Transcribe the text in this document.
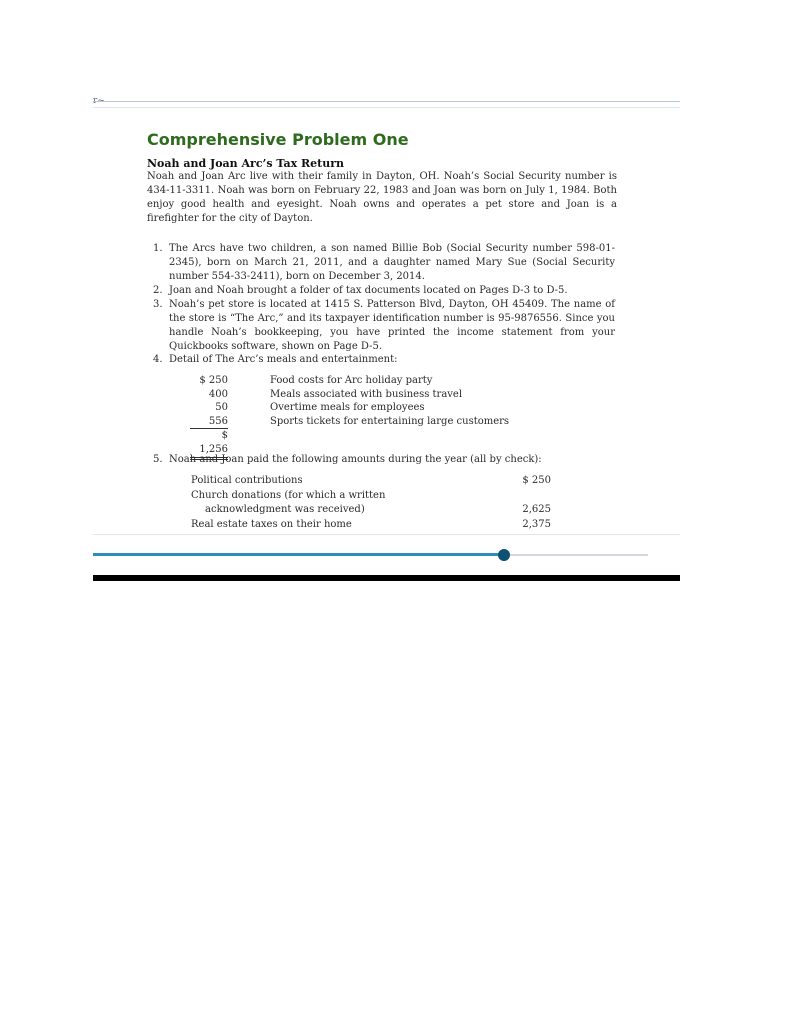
r~
Comprehensive Problem One
Noah and Joan Arc’s Tax Return

Noah and Joan Arc live with their family in Dayton, OH. Noah’s Social Security number is 434-11-3311. Noah was born on February 22, 1983 and Joan was born on July 1, 1984. Both enjoy good health and eyesight. Noah owns and operates a pet store and Joan is a firefighter for the city of Dayton.

1. The Arcs have two children, a son named Billie Bob (Social Security number 598-01-2345), born on March 21, 2011, and a daughter named Mary Sue (Social Security number 554-33-2411), born on December 3, 2014.
2. Joan and Noah brought a folder of tax documents located on Pages D-3 to D-5.
3. Noah’s pet store is located at 1415 S. Patterson Blvd, Dayton, OH 45409. The name of the store is “The Arc,” and its taxpayer identification number is 95-9876556. Since you handle Noah’s bookkeeping, you have printed the income statement from your Quickbooks software, shown on Page D-5.
4. Detail of The Arc’s meals and entertainment:
$ 250	Food costs for Arc holiday party
400	Meals associated with business travel
50	Overtime meals for employees
556	Sports tickets for entertaining large customers
$ 1,256
5. Noah and Joan paid the following amounts during the year (all by check):
Political contributions	$ 250
Church donations (for which a written
acknowledgment was received)	2,625
Real estate taxes on their home	2,375
